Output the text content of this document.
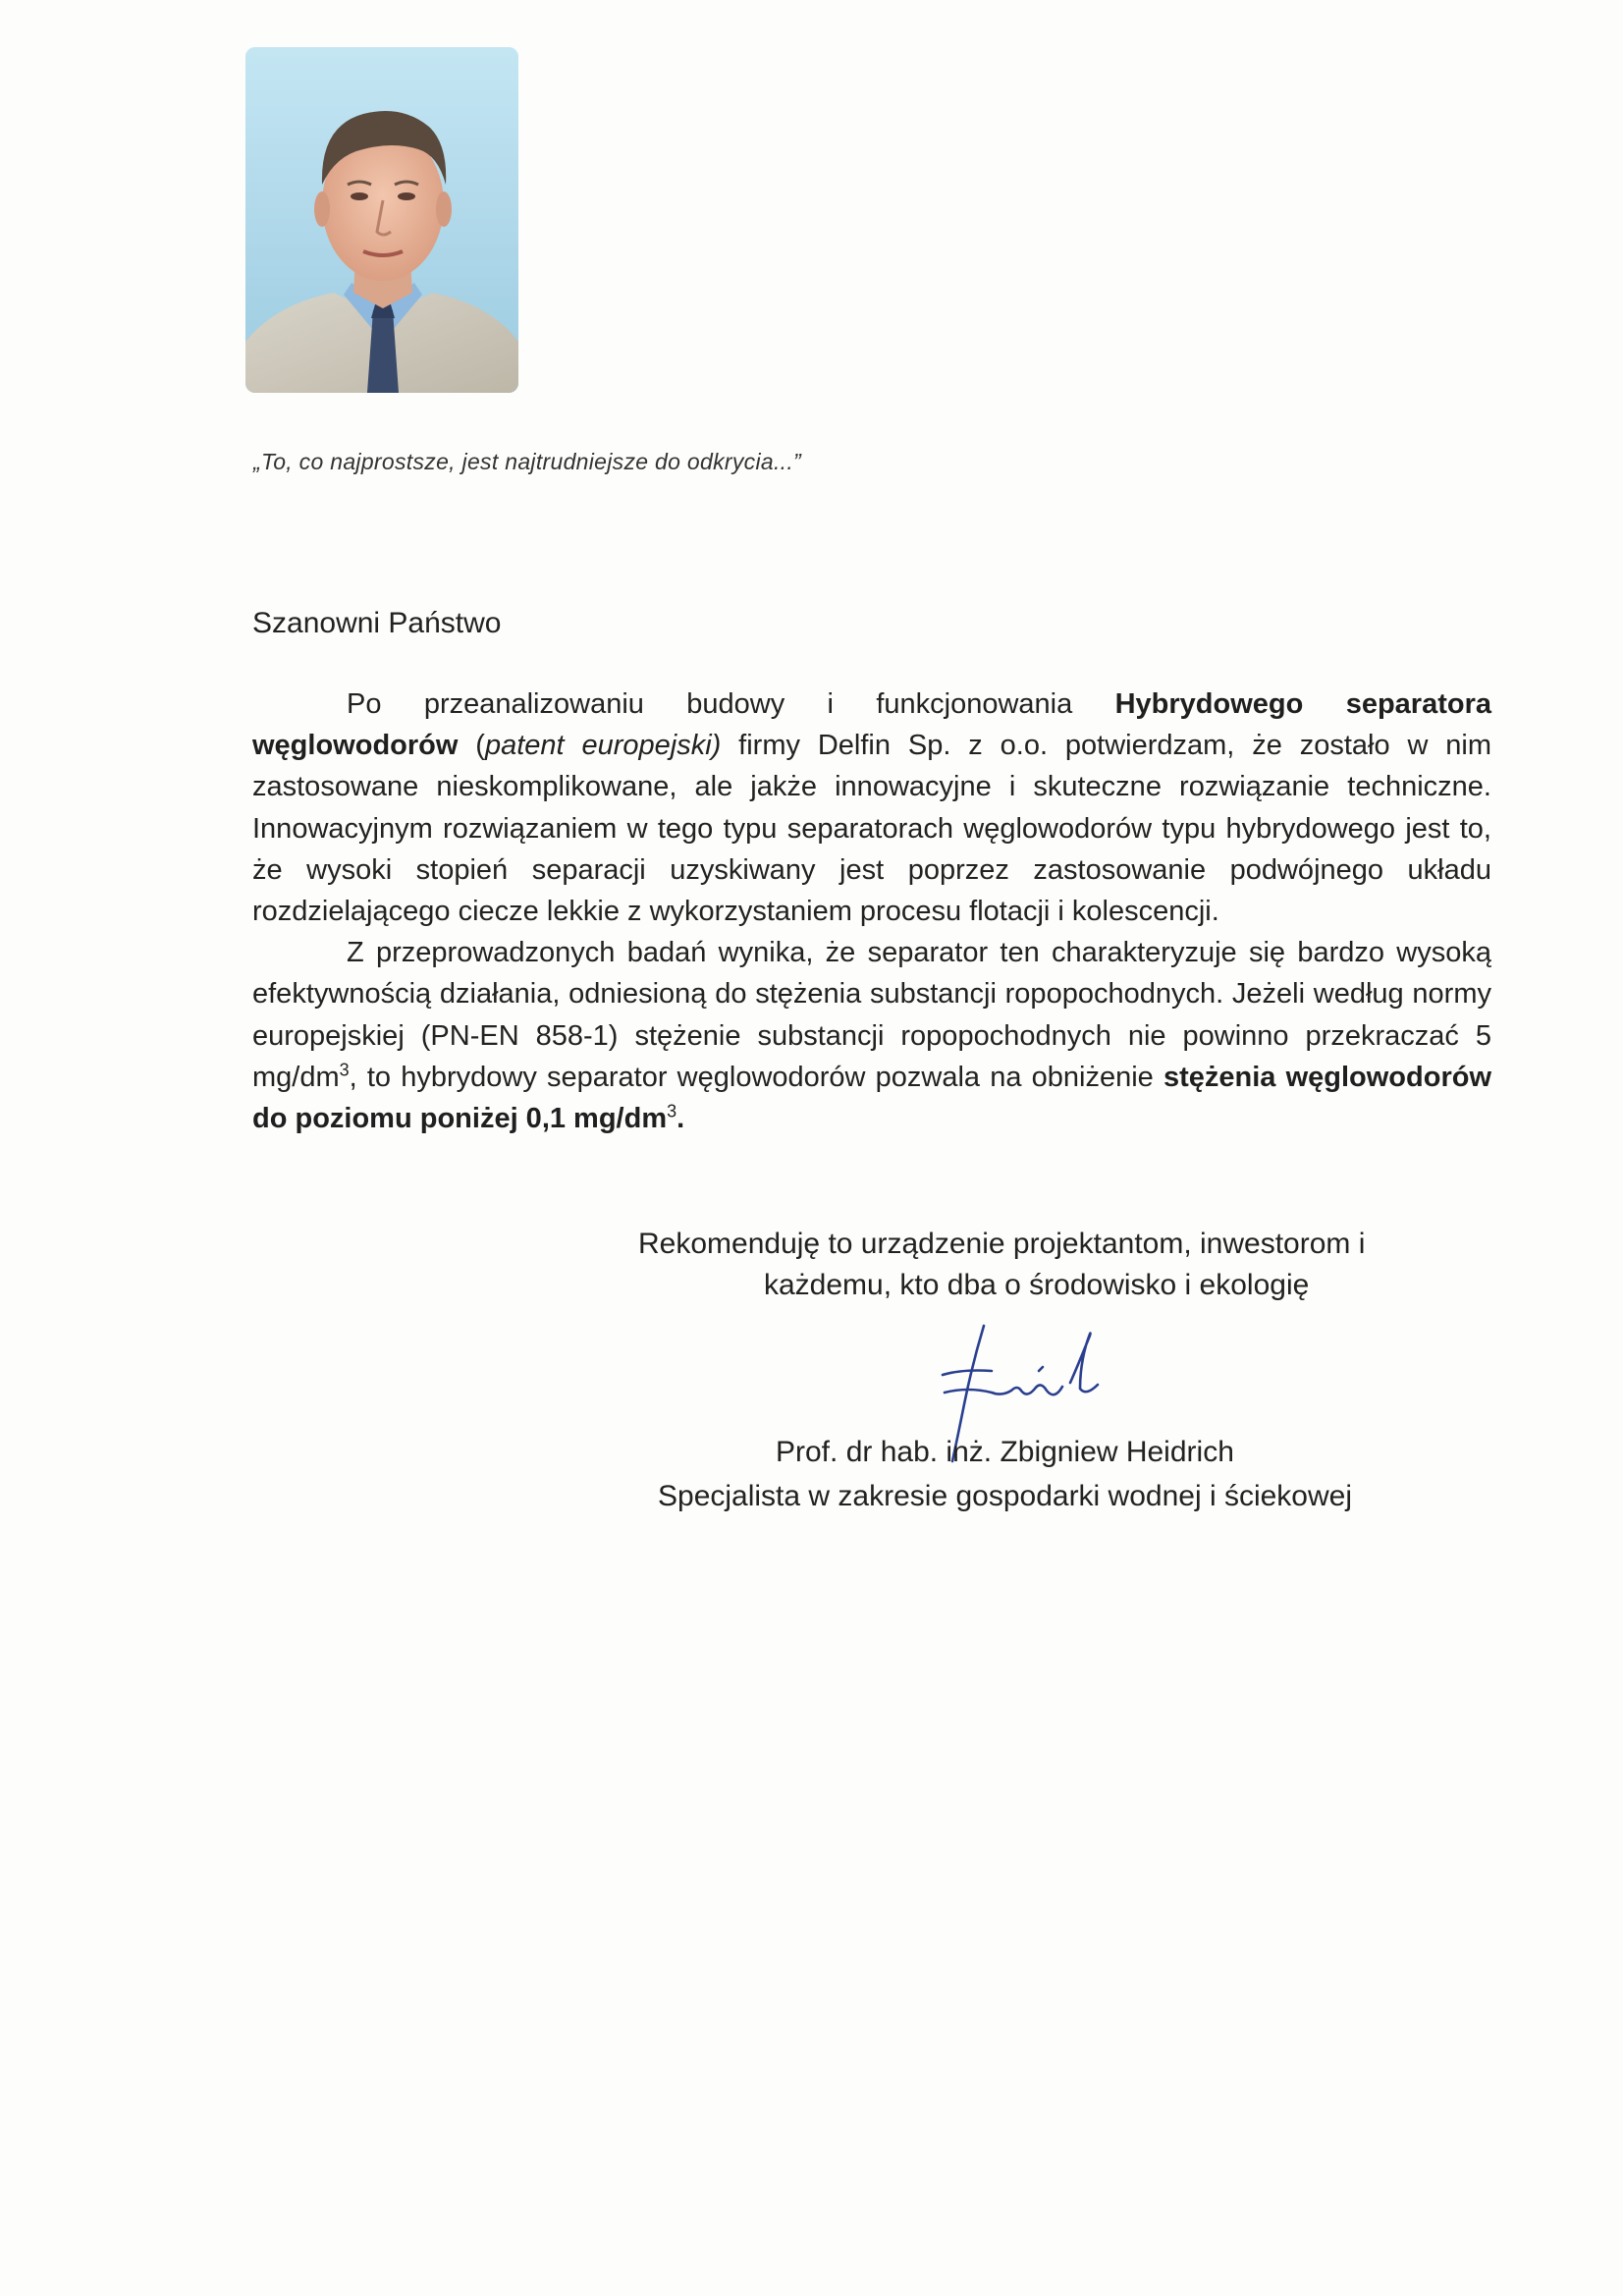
„To, co najprostsze, jest najtrudniejsze do odkrycia...”
Szanowni Państwo

Po przeanalizowaniu budowy i funkcjonowania Hybrydowego separatora węglowodorów (patent europejski) firmy Delfin Sp. z o.o. potwierdzam, że zostało w nim zastosowane nieskomplikowane, ale jakże innowacyjne i skuteczne rozwiązanie techniczne. Innowacyjnym rozwiązaniem w tego typu separatorach węglowodorów typu hybrydowego jest to, że wysoki stopień separacji uzyskiwany jest poprzez zastosowanie podwójnego układu rozdzielającego ciecze lekkie z wykorzystaniem procesu flotacji i kolescencji.

Z przeprowadzonych badań wynika, że separator ten charakteryzuje się bardzo wysoką efektywnością działania, odniesioną do stężenia substancji ropopochodnych. Jeżeli według normy europejskiej (PN-EN 858-1) stężenie substancji ropopochodnych nie powinno przekraczać 5 $mg/dm^3$, to hybrydowy separator węglowodorów pozwala na obniżenie stężenia węglowodorów do poziomu poniżej 0,1 $mg/dm^3$.

Rekomenduję to urządzenie projektantom, inwestorom i
każdemu, kto dba o środowisko i ekologię
Prof. dr hab. inż. Zbigniew Heidrich
Specjalista w zakresie gospodarki wodnej i ściekowej
